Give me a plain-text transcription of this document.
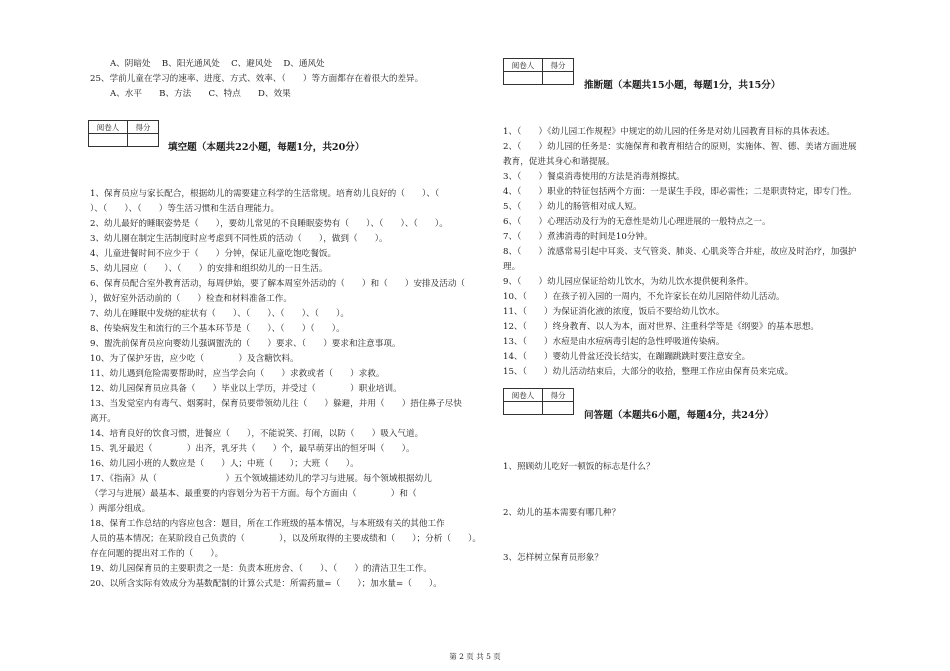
A、阴暗处　 B、阳光通风处　 C、避风处　 D、通风处
25、学前儿童在学习的速率、进度、方式、效率、（　　）等方面都存在着很大的差异。
A、水平　　B、方法　　C、特点　　D、效果
阅卷人	得分

填空题（本题共22小题，每题1分，共20分）
1、保育员应与家长配合，根据幼儿的需要建立科学的生活常规。培育幼儿良好的（　　）、（
）、（　　）、（　　）等生活习惯和生活自理能力。
2、幼儿最好的睡眠姿势是（　　），要幼儿常见的不良睡眠姿势有（　　）、（　　）、（　　）。
3、幼儿園在制定生活制度时应考虑到不同性质的活动（　　），做到（　　）。
4、儿童进餐时间不应少于（　　）分钟，保证儿童吃饱吃餐饭。
5、幼儿园应（　　）、（　　）的安排和组织幼儿的一日生活。
6、保育员配合室外教育活动，每周伊始，要了解本周室外活动的（　　）和（　　）安排及活动（
），做好室外活动前的（　　）检查和材料准备工作。
7、幼儿在睡眠中发烧的症状有（　　）、（　　）、（　　）、（　　）。
8、传染病发生和流行的三个基本环节是（　　）、（　　）（　　）。
9、盥洗前保育员应向婴幼儿强调盥洗的（　　）要求、（　　）要求和注意事项。
10、为了保护牙齿，应少吃（　　　　）及含糖饮料。
11、幼儿遇到危险需要帮助时，应当学会向（　　）求救或者（　　）求救。
12、幼儿园保育员应具备（　　）毕业以上学历，并受过（　　　　）职业培训。
13、当发觉室内有毒气、烟雾时，保育员要带领幼儿往（　　）躲避，并用（　　）捂住鼻子尽快
离开。
14、培育良好的饮食习惯，进餐应（　　），不能说笑、打闹，以防（　　）吸入气道。
15、乳牙最迟（　　　　）出齐，乳牙共（　　）个，最早萌芽出的恒牙叫（　　）。
16、幼儿园小班的人数应是（　　）人；中班（　　）；大班（　　）。
17、《指南》从（　　　　　　　　）五个领域描述幼儿的学习与进展。每个领域根据幼儿
（学习与进展）最基本、最重要的内容划分为若干方面。每个方面由（　　　　）和（
）两部分组成。
18、保育工作总结的内容应包含：题目，所在工作班级的基本情况，与本班级有关的其他工作
人员的基本情况；在某阶段自己负责的（　　　　），以及所取得的主要成绩和（　　）；分析（　　）。
存在问题的提出对工作的（　　）。
19、幼儿园保育员的主要职责之一是：负责本班房舍、（　　）、（　　）的清洁卫生工作。
20、以所含实际有效成分为基数配制的计算公式是：所需药量=（　　）；加水量=（　　）。
阅卷人	得分

推断题（本题共15小题，每题1分，共15分）
1、（　　）《幼儿园工作规程》中规定的幼儿园的任务是对幼儿园教育目标的具体表述。
2、（　　）幼儿园的任务是：实施保育和教育相结合的原则，实施体、智、德、美诸方面进展
教育，促进其身心和谐提展。
3、（　　）餐桌消毒使用的方法是消毒剂擦拭。
4、（　　）职业的特征包括两个方面：一是谋生手段，即必需性；二是职责特定，即专门性。
5、（　　）幼儿的肠管相对成人短。
6、（　　）心理活动及行为的无意性是幼儿心理进展的一般特点之一。
7、（　　）煮沸消毒的时间是10分钟。
8、（　　）流感常易引起中耳炎、支气管炎、肺炎、心肌炎等合并症，故应及时治疗，加强护
理。
9、（　　）幼儿园应保证给幼儿饮水，为幼儿饮水提供便利条件。
10、（　　）在孩子初入园的一周内，不允许家长在幼儿园陪伴幼儿活动。
11、（　　）为保证消化液的浓度，饭后不要给幼儿饮水。
12、（　　）终身教育、以人为本，面对世界、注重科学等是《纲要》的基本思想。
13、（　　）水痘是由水痘病毒引起的急性呼吸道传染病。
14、（　　）婴幼儿骨盆还没长结实，在蹦蹦跳跳时要注意安全。
15、（　　）幼儿活动结束后，大部分的收拾，整理工作应由保育员来完成。
阅卷人	得分

问答题（本题共6小题，每题4分，共24分）
1、照顾幼儿吃好一顿饭的标志是什么？
2、幼儿的基本需要有哪几种？
3、怎样树立保育员形象？
第 2 页 共 5 页
